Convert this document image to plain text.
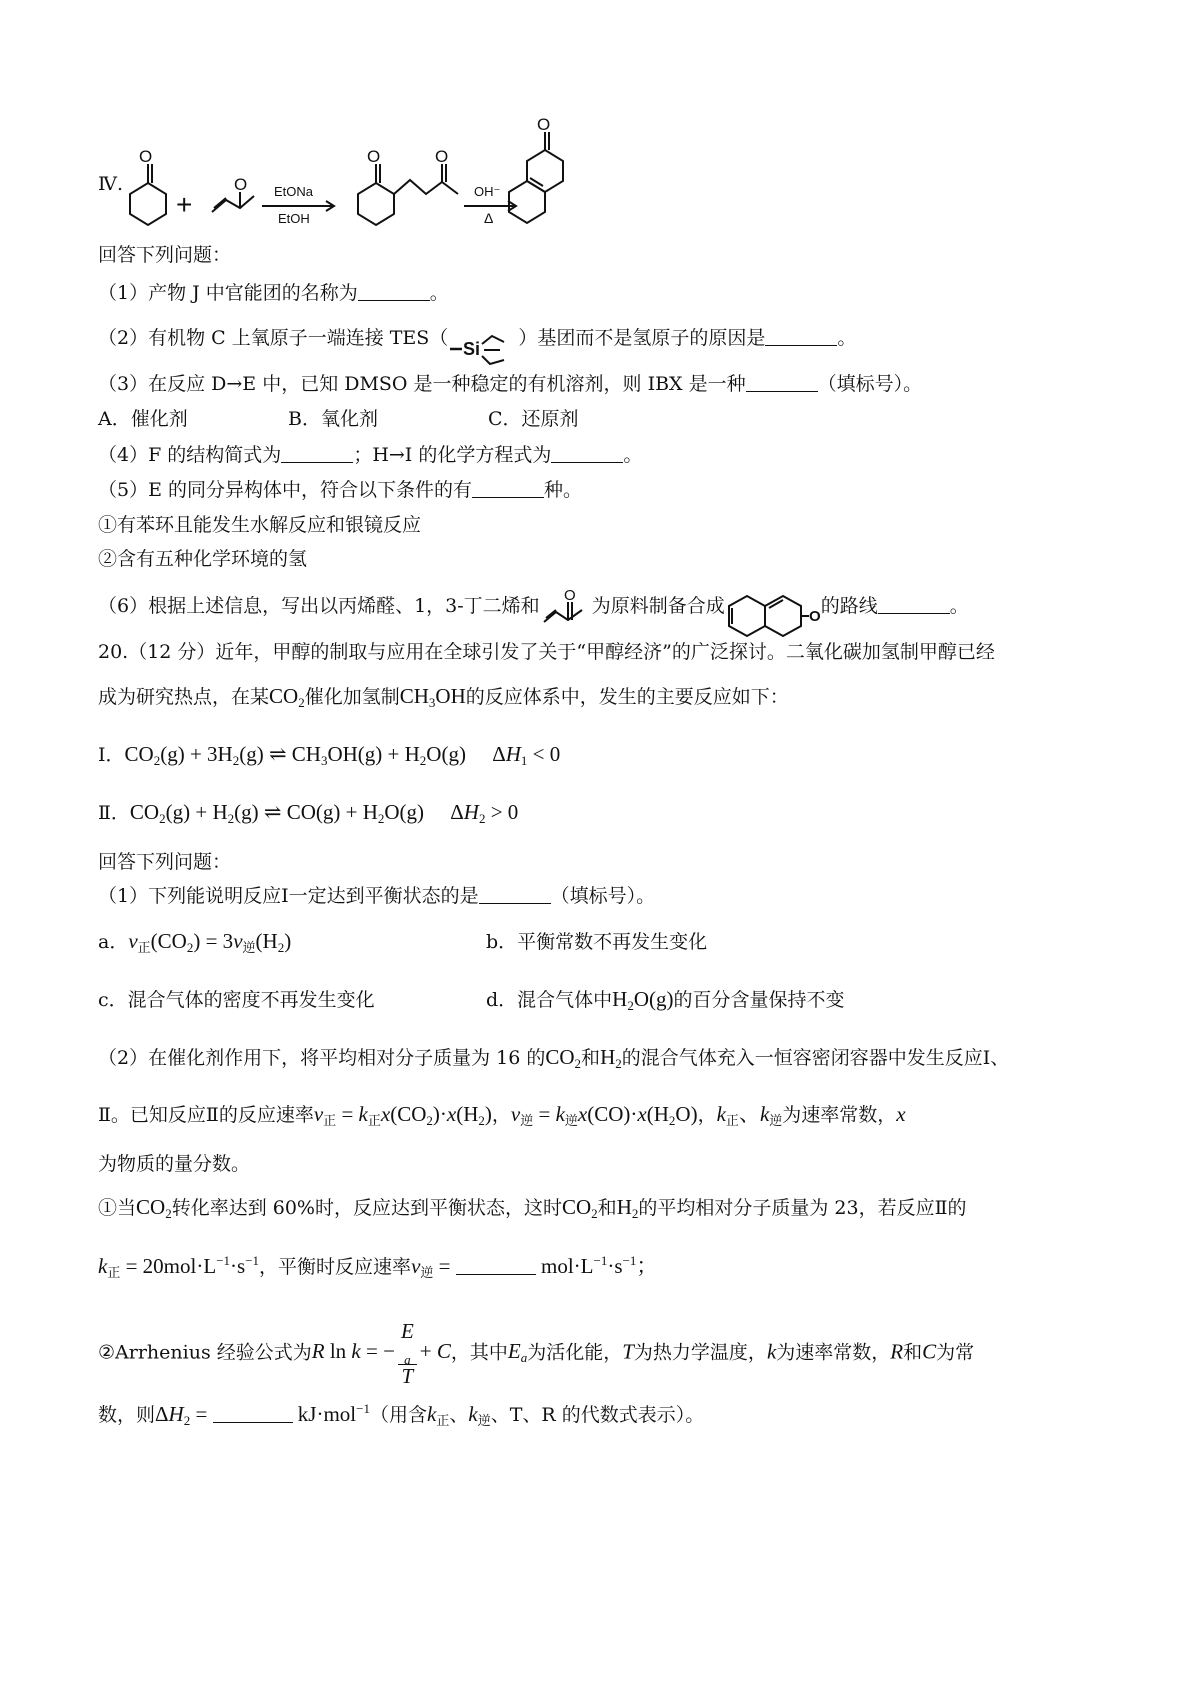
Ⅳ.
O
O
O	O
O
+	EtONa
EtOH
OH⁻
Δ
回答下列问题：
（1）产物 J 中官能团的名称为	。
（2）有机物 C 上氧原子一端连接 TES（ Si ）基团而不是氢原子的原因是	。
（3）在反应 D→E 中，已知 DMSO 是一种稳定的有机溶剂，则 IBX 是一种	（填标号）。
A．催化剂	B．氧化剂	C．还原剂
（4）F 的结构简式为	；H→I 的化学方程式为	。
（5）E 的同分异构体中，符合以下条件的有	种。
①有苯环且能发生水解反应和银镜反应
②含有五种化学环境的氢
（6）根据上述信息，写出以丙烯醛、1，3-丁二烯和 O 为原料制备合成	O 的路线	。
20.（12 分）近年，甲醇的制取与应用在全球引发了关于“甲醇经济”的广泛探讨。二氧化碳加氢制甲醇已经
成为研究热点，在某$CO_2$催化加氢制$CH_3OH$的反应体系中，发生的主要反应如下：
Ⅰ．$CO_2(g) + 3H_2(g)$ ⇌ $CH_3OH(g) + H_2O(g)$     $\Delta H_1 < 0$
Ⅱ．$CO_2(g) + H_2(g)$ ⇌ $CO(g) + H_2O(g)$     $\Delta H_2 > 0$
回答下列问题：
（1）下列能说明反应Ⅰ一定达到平衡状态的是	（填标号）。
a．$v_正(CO_2) = 3v_逆(H_2)$	b．平衡常数不再发生变化
c．混合气体的密度不再发生变化	d．混合气体中$H_2O(g)$的百分含量保持不变
（2）在催化剂作用下，将平均相对分子质量为 16 的$CO_2$和$H_2$的混合气体充入一恒容密闭容器中发生反应Ⅰ、
Ⅱ。已知反应Ⅱ的反应速率$v_正 = k_正x(CO_2)\cdot x(H_2)$，$v_逆 = k_逆x(CO)\cdot x(H_2O)$，$k_正$、$k_逆$为速率常数，x
为物质的量分数。
①当$CO_2$转化率达到 60%时，反应达到平衡状态，这时$CO_2$和$H_2$的平均相对分子质量为 23，若反应Ⅱ的
$k_正 = 20mol\cdot L^{-1}\cdot s^{-1}$，平衡时反应速率$v_逆$ =	$mol\cdot L^{-1}\cdot s^{-1}$；
②Arrhenius 经验公式为R ln k = − E
$_a$
T + C，其中$E_a$为活化能，T为热力学温度，k为速率常数，R和C为常
数，则$\Delta H_2$ =	kJ·mol$^{-1}$（用含$k_正$、$k_逆$、T、R 的代数式表示）。
